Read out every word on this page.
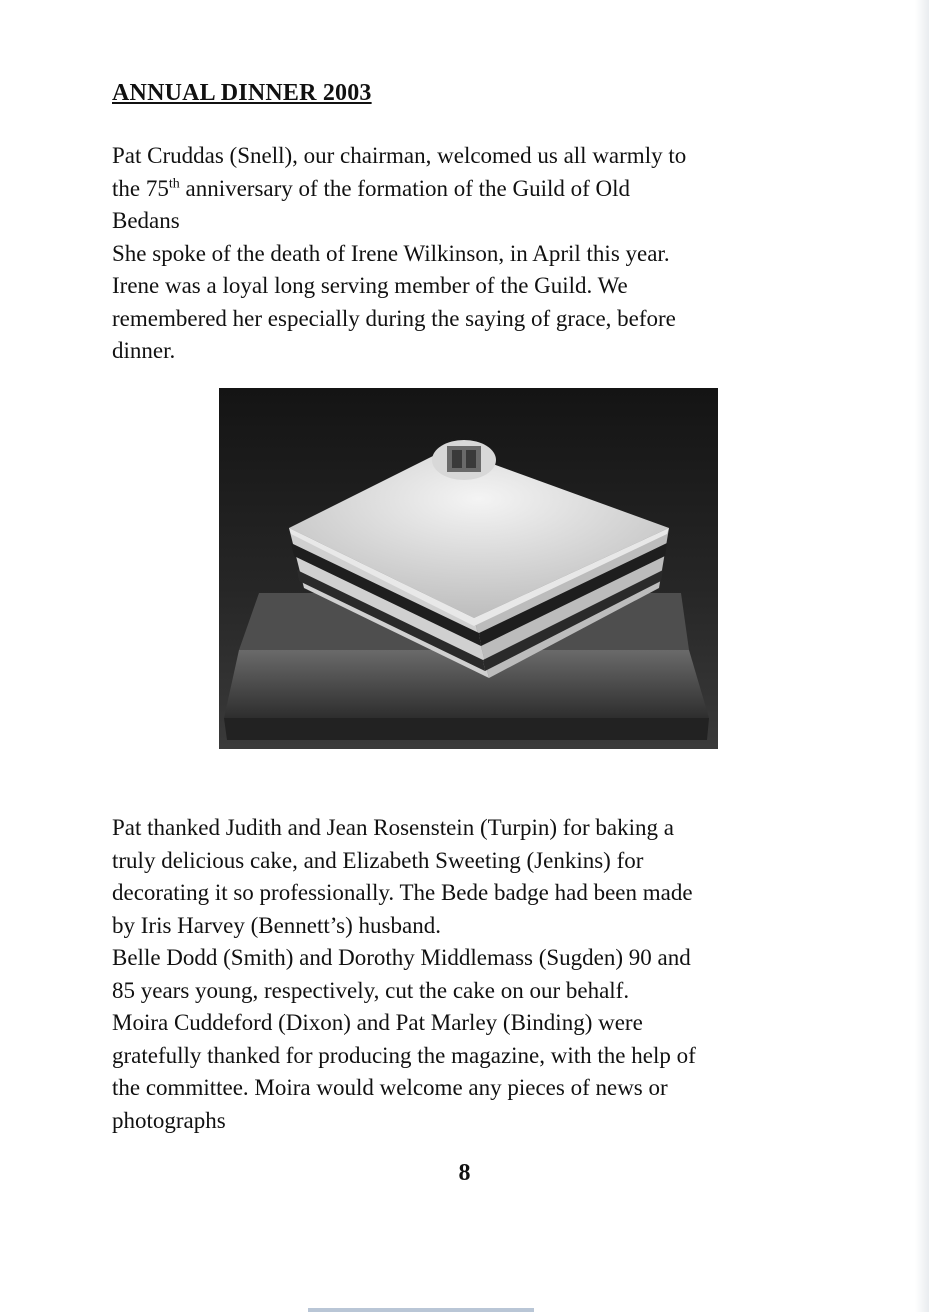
ANNUAL DINNER 2003

Pat Cruddas (Snell), our chairman, welcomed us all warmly to
the 75th anniversary of the formation of the Guild of Old
Bedans
She spoke of the death of Irene Wilkinson, in April this year.
Irene was a loyal long serving member of the Guild. We
remembered her especially during the saying of grace, before
dinner.

Pat thanked Judith and Jean Rosenstein (Turpin) for baking a
truly delicious cake, and Elizabeth Sweeting (Jenkins) for
decorating it so professionally. The Bede badge had been made
by Iris Harvey (Bennett’s) husband.
Belle Dodd (Smith) and Dorothy Middlemass (Sugden) 90 and
85 years young, respectively, cut the cake on our behalf.
Moira Cuddeford (Dixon) and Pat Marley (Binding) were
gratefully thanked for producing the magazine, with the help of
the committee. Moira would welcome any pieces of news or
photographs

8
